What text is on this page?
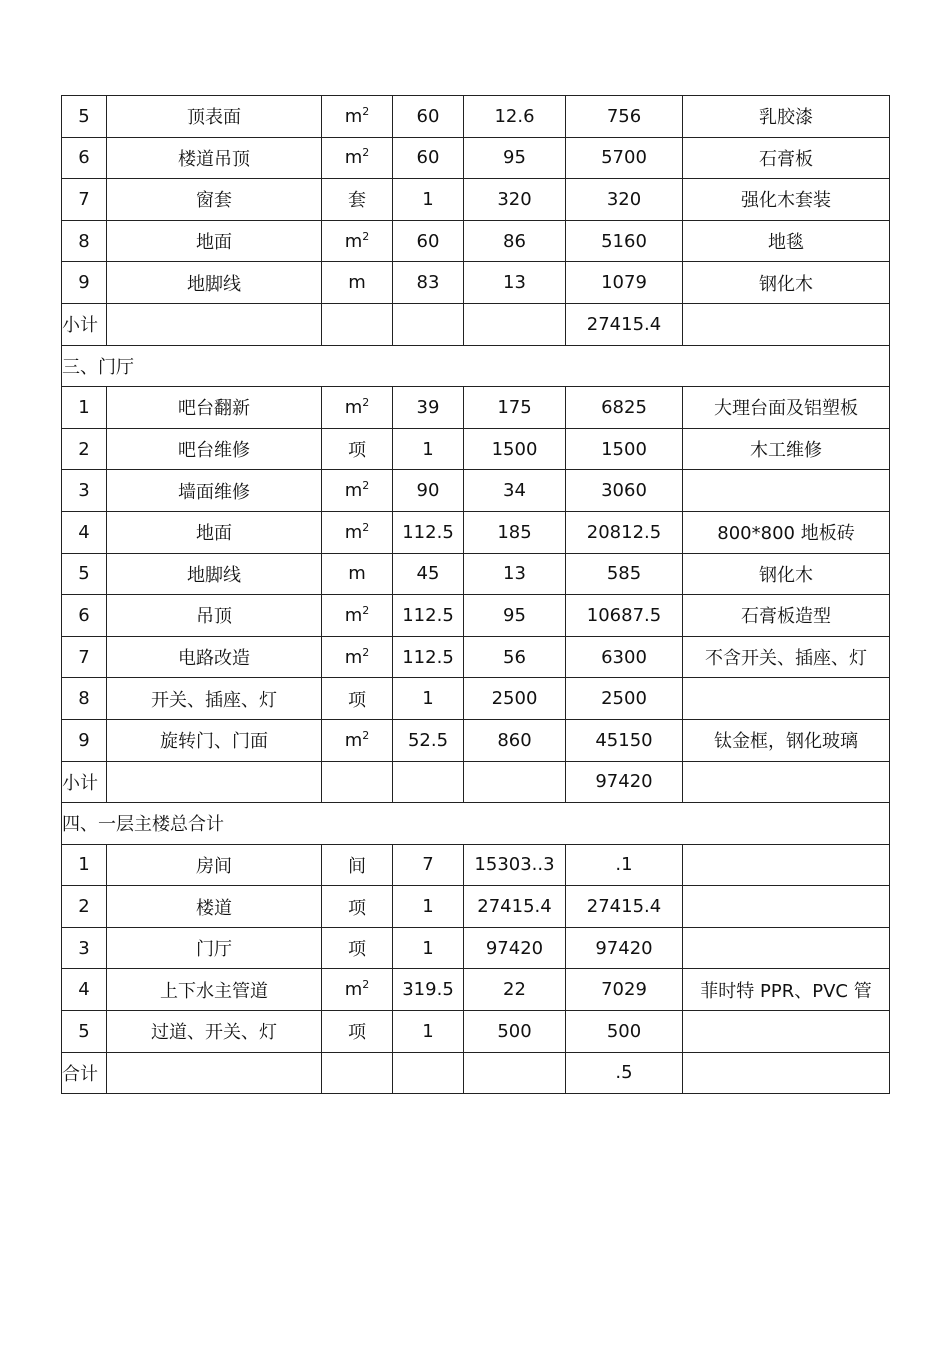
5	顶表面	$m^2$	60	12.6	756	乳胶漆
6	楼道吊顶	$m^2$	60	95	5700	石膏板
7	窗套	套	1	320	320	强化木套装
8	地面	$m^2$	60	86	5160	地毯
9	地脚线	m	83	13	1079	钢化木
小计					27415.4	
三、门厅						
1	吧台翻新	$m^2$	39	175	6825	大理台面及铝塑板
2	吧台维修	项	1	1500	1500	木工维修
3	墙面维修	$m^2$	90	34	3060	
4	地面	$m^2$	112.5	185	20812.5	800*800 地板砖
5	地脚线	m	45	13	585	钢化木
6	吊顶	$m^2$	112.5	95	10687.5	石膏板造型
7	电路改造	$m^2$	112.5	56	6300	不含开关、插座、灯
8	开关、插座、灯	项	1	2500	2500	
9	旋转门、门面	$m^2$	52.5	860	45150	钛金框，钢化玻璃
小计					97420	
四、一层主楼总合计						
1	房间	间	7	15303..3	.1	
2	楼道	项	1	27415.4	27415.4	
3	门厅	项	1	97420	97420	
4	上下水主管道	$m^2$	319.5	22	7029	菲时特 PPR、PVC 管
5	过道、开关、灯	项	1	500	500	
合计					.5	
